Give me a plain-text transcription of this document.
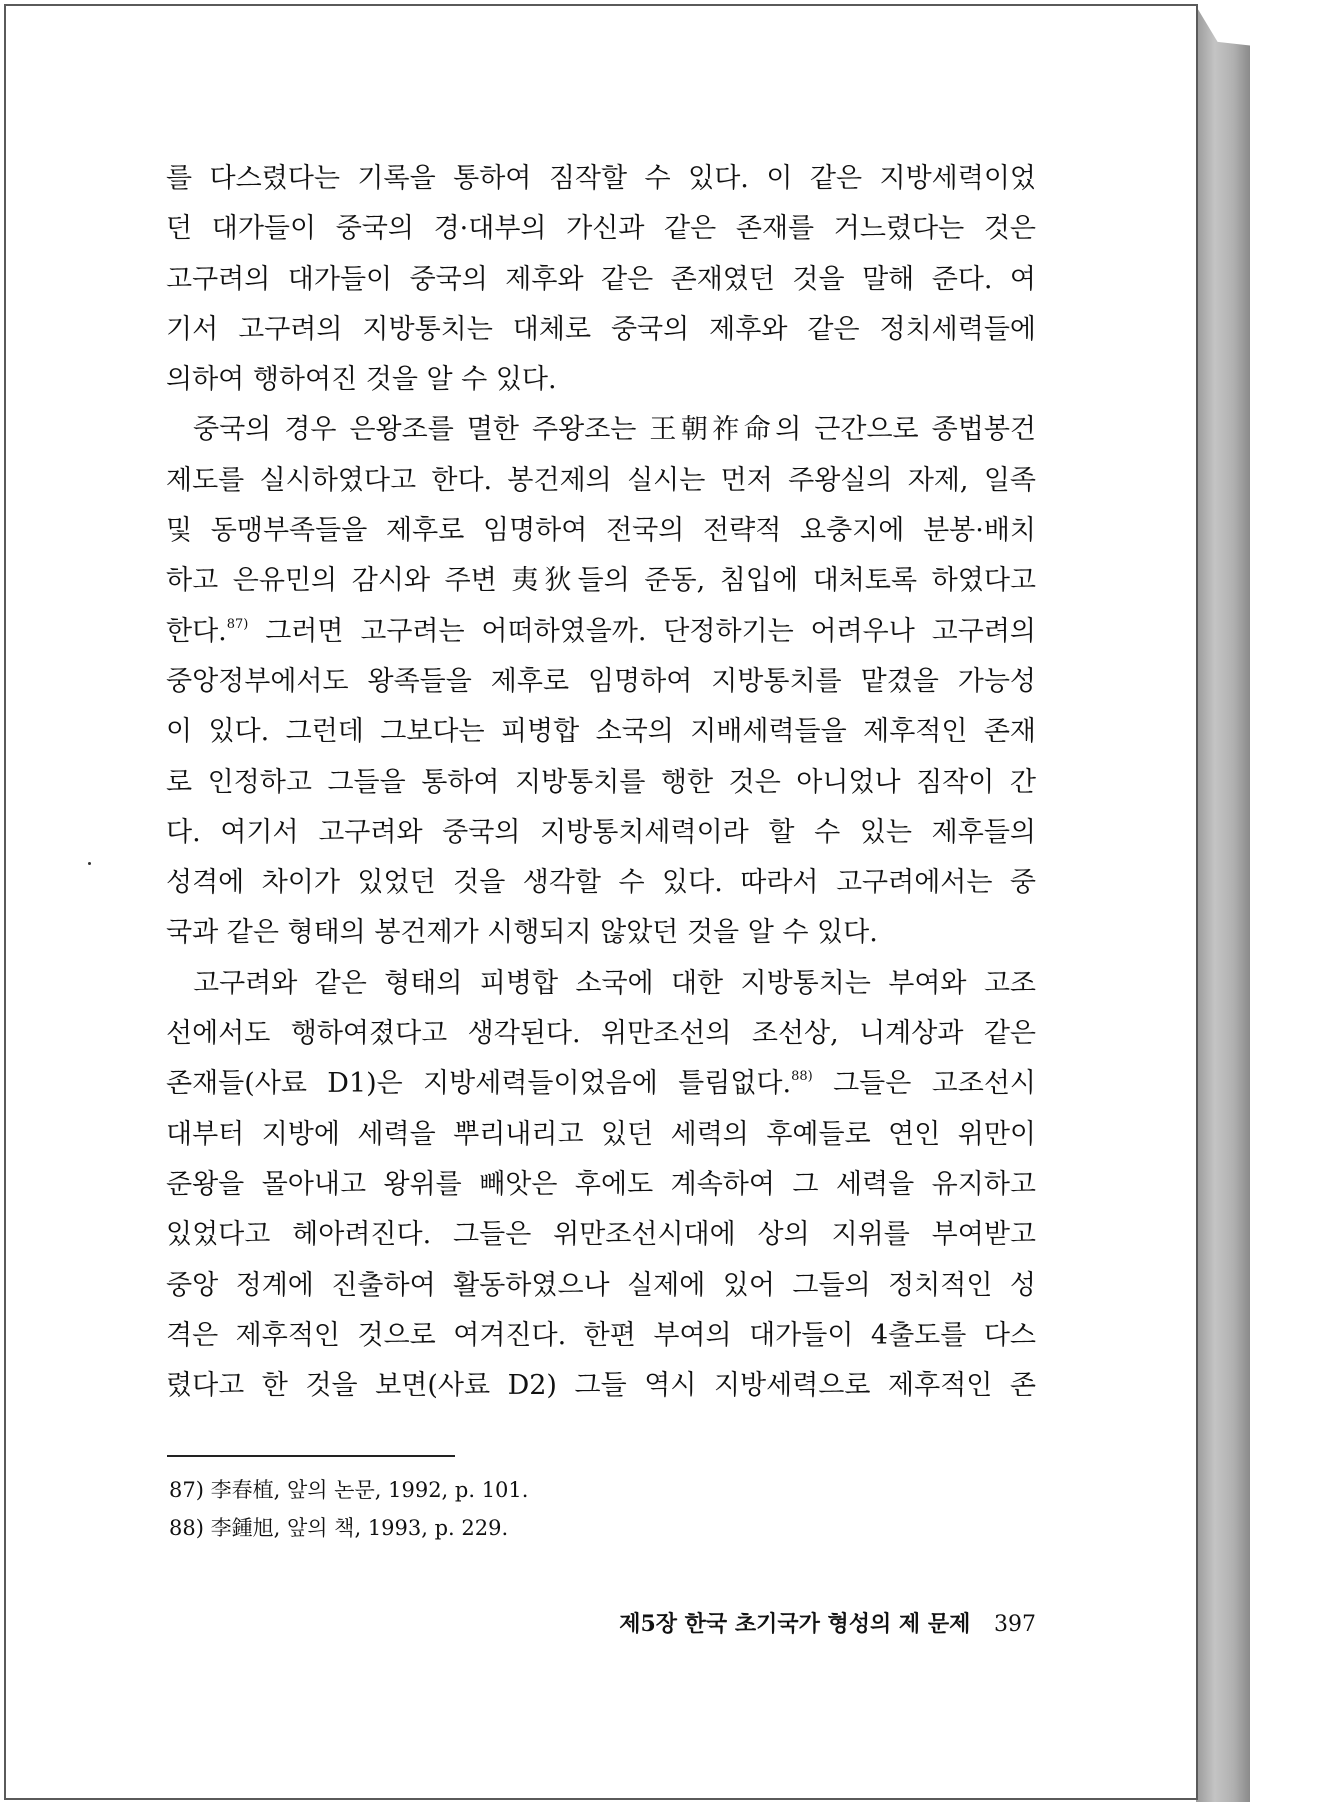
를 다스렸다는 기록을 통하여 짐작할 수 있다. 이 같은 지방세력이었
던 대가들이 중국의 경·대부의 가신과 같은 존재를 거느렸다는 것은
고구려의 대가들이 중국의 제후와 같은 존재였던 것을 말해 준다. 여
기서 고구려의 지방통치는 대체로 중국의 제후와 같은 정치세력들에
의하여 행하여진 것을 알 수 있다.
중국의 경우 은왕조를 멸한 주왕조는 王朝祚命의 근간으로 종법봉건
제도를 실시하였다고 한다. 봉건제의 실시는 먼저 주왕실의 자제, 일족
및 동맹부족들을 제후로 임명하여 전국의 전략적 요충지에 분봉·배치
하고 은유민의 감시와 주변 夷狄들의 준동, 침입에 대처토록 하였다고
한다.$^{87)}$ 그러면 고구려는 어떠하였을까. 단정하기는 어려우나 고구려의
중앙정부에서도 왕족들을 제후로 임명하여 지방통치를 맡겼을 가능성
이 있다. 그런데 그보다는 피병합 소국의 지배세력들을 제후적인 존재
로 인정하고 그들을 통하여 지방통치를 행한 것은 아니었나 짐작이 간
다. 여기서 고구려와 중국의 지방통치세력이라 할 수 있는 제후들의
성격에 차이가 있었던 것을 생각할 수 있다. 따라서 고구려에서는 중
국과 같은 형태의 봉건제가 시행되지 않았던 것을 알 수 있다.
고구려와 같은 형태의 피병합 소국에 대한 지방통치는 부여와 고조
선에서도 행하여졌다고 생각된다. 위만조선의 조선상, 니계상과 같은
존재들(사료 D1)은 지방세력들이었음에 틀림없다.$^{88)}$ 그들은 고조선시
대부터 지방에 세력을 뿌리내리고 있던 세력의 후예들로 연인 위만이
준왕을 몰아내고 왕위를 빼앗은 후에도 계속하여 그 세력을 유지하고
있었다고 헤아려진다. 그들은 위만조선시대에 상의 지위를 부여받고
중앙 정계에 진출하여 활동하였으나 실제에 있어 그들의 정치적인 성
격은 제후적인 것으로 여겨진다. 한편 부여의 대가들이 4출도를 다스
렸다고 한 것을 보면(사료 D2) 그들 역시 지방세력으로 제후적인 존
87) 李春植, 앞의 논문, 1992, p. 101.
88) 李鍾旭, 앞의 책, 1993, p. 229.
제5장 한국 초기국가 형성의 제 문제 397
